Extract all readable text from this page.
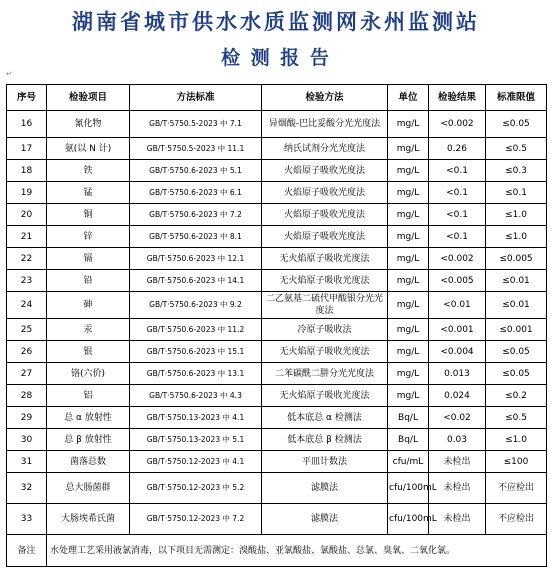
湖南省城市供水水质监测网永州监测站
检 测 报 告
↵
序号	检验项目	方法标准	检验方法	单位	检验结果	标准限值
16	氰化物	GB/T·5750.5-2023 中 7.1	异烟酸-巴比妥酸分光光度法	mg/L	<0.002	≤0.05
17	氨(以 N 计)	GB/T·5750.5-2023 中 11.1	纳氏试剂分光光度法	mg/L	0.26	≤0.5
18	铁	GB/T·5750.6-2023 中 5.1	火焰原子吸收光度法	mg/L	<0.1	≤0.3
19	锰	GB/T·5750.6-2023 中 6.1	火焰原子吸收光度法	mg/L	<0.1	≤0.1
20	铜	GB/T·5750.6-2023 中 7.2	火焰原子吸收光度法	mg/L	<0.1	≤1.0
21	锌	GB/T·5750.6-2023 中 8.1	火焰原子吸收光度法	mg/L	<0.1	≤1.0
22	镉	GB/T·5750.6-2023 中 12.1	无火焰原子吸收光度法	mg/L	<0.002	≤0.005
23	铅	GB/T·5750.6-2023 中 14.1	无火焰原子吸收光度法	mg/L	<0.005	≤0.01
24	砷	GB/T·5750.6-2023 中 9.2	二乙氨基二硫代甲酸银分光光度法	mg/L	<0.01	≤0.01
25	汞	GB/T·5750.6-2023 中 11.2	冷原子吸收法	mg/L	<0.001	≤0.001
26	银	GB/T·5750.6-2023 中 15.1	无火焰原子吸收光度法	mg/L	<0.004	≤0.05
27	铬(六价)	GB/T·5750.6-2023 中 13.1	二苯碳酰二肼分光光度法	mg/L	0.013	≤0.05
28	铝	GB/T·5750.6-2023 中 4.3	无火焰原子吸收光度法	mg/L	0.024	≤0.2
29	总 α 放射性	GB/T·5750.13-2023 中 4.1	低本底总 α 检测法	Bq/L	<0.02	≤0.5
30	总 β 放射性	GB/T·5750.13-2023 中 5.1	低本底总 β 检测法	Bq/L	0.03	≤1.0
31	菌落总数	GB/T·5750.12-2023 中 4.1	平皿计数法	cfu/mL	未检出	≤100
32	总大肠菌群	GB/T·5750.12-2023 中 5.2	滤膜法	cfu/100mL	未检出	不应检出
33	大肠埃希氏菌	GB/T·5750.12-2023 中 7.2	滤膜法	cfu/100mL	未检出	不应检出
备注	水处理工艺采用液氯消毒，以下项目无需测定：溴酸盐、亚氯酸盐、氯酸盐、总氯、臭氧、二氧化氯。					
